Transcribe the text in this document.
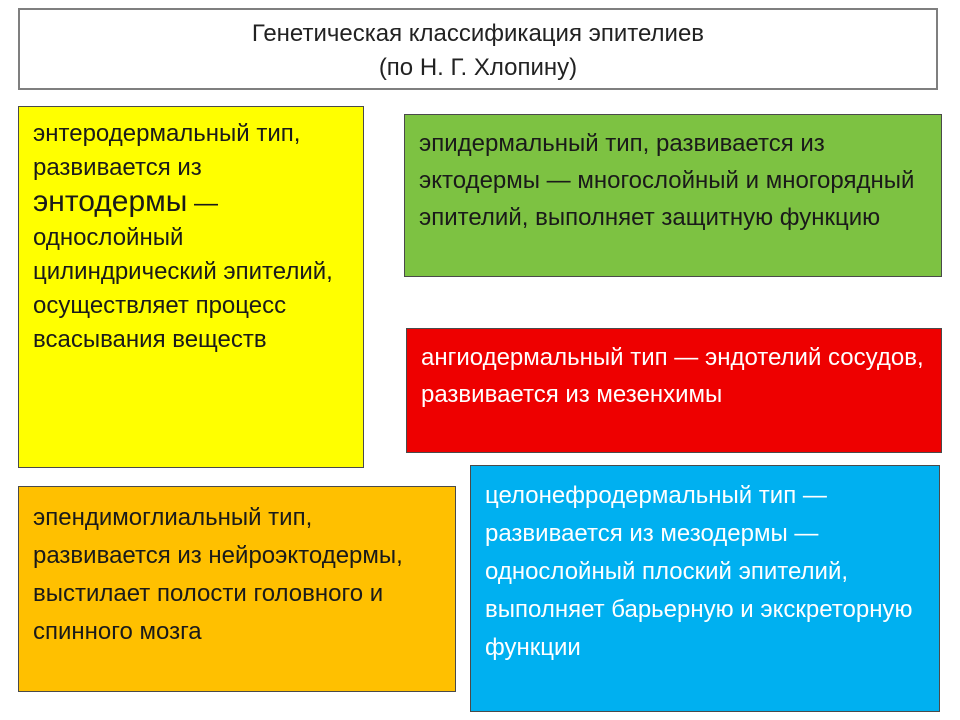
Генетическая классификация эпителиев
(по Н. Г. Хлопину)
энтеродермальный тип, развивается из энтодермы — однослойный цилиндрический эпителий, осуществляет процесс всасывания веществ
эпидермальный тип, развивается из эктодермы — многослойный и многорядный эпителий, выполняет защитную функцию
ангиодермальный тип — эндотелий сосудов, развивается из мезенхимы
эпендимоглиальный тип, развивается из нейроэктодермы, выстилает полости головного и спинного мозга
целонефродермальный тип — развивается из мезодермы — однослойный плоский эпителий, выполняет барьерную и экскреторную функции
